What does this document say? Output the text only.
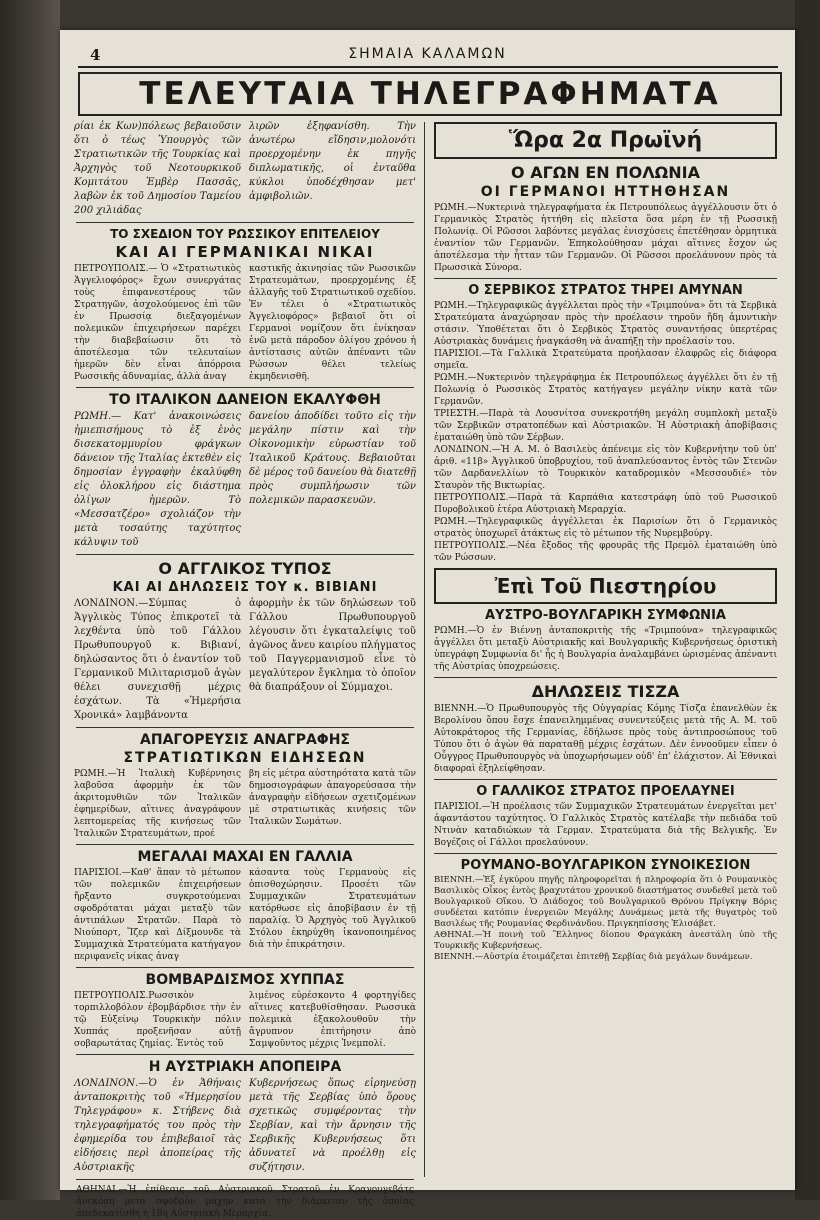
4	ΣΗΜΑΙΑ ΚΑΛΑΜΩΝ
ΤΕΛΕΥΤΑΙΑ ΤΗΛΕΓΡΑΦΗΜΑΤΑ

ρίαι ἐκ Κων)πόλεως βεβαιοῦσιν ὅτι ὁ τέως Ὑπουργὸς τῶν Στρατιωτικῶν τῆς Τουρκίας καὶ Ἀρχηγὸς τοῦ Νεοτουρκικοῦ Κομιτάτου Ἐμβὲρ Πασσᾶς, λαβὼν ἐκ τοῦ Δημοσίου Ταμείου 200 χιλιάδας

λιρῶν ἐξηφανίσθη. Τὴν ἀνωτέρω εἴδησιν,μολονότι προερχομένην ἐκ πηγῆς διπλωματικῆς, οἱ ἐνταῦθα κύκλοι ὑποδέχθησαν μετ' ἀμφιβολιῶν.

ΤΟ ΣΧΕΔΙΟΝ ΤΟΥ ΡΩΣΣΙΚΟΥ ΕΠΙΤΕΛΕΙΟΥ
ΚΑΙ ΑΙ ΓΕΡΜΑΝΙΚΑΙ ΝΙΚΑΙ

ΠΕΤΡΟΥΠΟΛΙΣ.— Ὁ «Στρατιωτικὸς Ἀγγελιοφόρος» ἔχων συνεργάτας τοὺς ἐπιφανεστέρους τῶν Στρατηγῶν, ἀσχολούμενος ἐπὶ τῶν ἐν Πρωσσίᾳ διεξαγομένων πολεμικῶν ἐπιχειρήσεων παρέχει τὴν διαβεβαίωσιν ὅτι τὸ ἀποτέλεσμα τῶν τελευταίων ἡμερῶν δὲν εἶναι ἀπόρροια Ρωσσικῆς ἀδυναμίας, ἀλλὰ ἀναγ

καστικῆς ἀκινησίας τῶν Ρωσσικῶν Στρατευμάτων, προερχομένης ἐξ ἀλλαγῆς τοῦ Στρατιωτικοῦ σχεδίου. Ἐν τέλει ὁ «Στρατιωτικὸς Ἀγγελιοφόρος» βεβαιοῖ ὅτι οἱ Γερμανοὶ νομίζουν ὅτι ἐνίκησαν ἐνῶ μετὰ πάροδον ὀλίγου χρόνου ἡ ἀντίστασις αὐτῶν ἀπέναντι τῶν Ρώσσων θέλει τελείως ἐκμηδενισθῆ.

ΤΟ ΙΤΑΛΙΚΟΝ ΔΑΝΕΙΟΝ ΕΚΑΛΥΦΘΗ

ΡΩΜΗ.— Κατ' ἀνακοινώσεις ἡμιεπισήμους τὸ ἐξ ἑνὸς δισεκατομμυρίου φράγκων δάνειον τῆς Ἰταλίας ἐκτεθὲν εἰς δημοσίαν ἐγγραφὴν ἐκαλύφθη εἰς ὁλοκλήρου εἰς διάστημα ὀλίγων ἡμερῶν. Τὸ «Μεσσατζέρο» σχολιάζον τὴν μετὰ τοσαύτης ταχύτητος κάλυψιν τοῦ

δανείου ἀποδίδει τοῦτο εἰς τὴν μεγάλην πίστιν καὶ τὴν Οἰκονομικὴν εὐρωστίαν τοῦ Ἰταλικοῦ Κράτους. Βεβαιοῦται δὲ μέρος τοῦ δανείου θὰ διατεθῇ πρὸς συμπλήρωσιν τῶν πολεμικῶν παρασκευῶν.

Ο ΑΓΓΛΙΚΟΣ ΤΥΠΟΣ
ΚΑΙ ΑΙ ΔΗΛΩΣΕΙΣ ΤΟΥ κ. ΒΙΒΙΑΝΙ

ΛΟΝΔΙΝΟΝ.—Σύμπας ὁ Ἀγγλικὸς Τύπος ἐπικροτεῖ τὰ λεχθέντα ὑπὸ τοῦ Γάλλου Πρωθυπουργοῦ κ. Βιβιανί, δηλώσαντος ὅτι ὁ ἐναντίον τοῦ Γερμανικοῦ Μιλιταρισμοῦ ἀγὼν θέλει συνεχισθῇ μέχρις ἐσχάτων. Τὰ «Ἡμερήσια Χρονικά» λαμβάνοντα

ἀφορμὴν ἐκ τῶν δηλώσεων τοῦ Γάλλου Πρωθυπουργοῦ λέγουσιν ὅτι ἐγκαταλείψις τοῦ ἀγῶνος ἄνευ καιρίου πλήγματος τοῦ Παγγερμανισμοῦ εἶνε τὸ μεγαλύτερον ἔγκλημα τὸ ὁποῖον θὰ διαπράξουν οἱ Σύμμαχοι.

ΑΠΑΓΟΡΕΥΣΙΣ ΑΝΑΓΡΑΦΗΣ
ΣΤΡΑΤΙΩΤΙΚΩΝ ΕΙΔΗΣΕΩΝ

ΡΩΜΗ.—Ἡ Ἰταλικὴ Κυβέρνησις λαβοῦσα ἀφορμὴν ἐκ τῶν ἀκριτομυθιῶν τῶν Ἰταλικῶν ἐφημερίδων, αἵτινες ἀναγράφουν λεπτομερείας τῆς κινήσεως τῶν Ἰταλικῶν Στρατευμάτων, προέ

βη εἰς μέτρα αὐστηρότατα κατὰ τῶν δημοσιογράφων ἀπαγορεύσασα τὴν ἀναγραφὴν εἰδήσεων σχετιζομένων μὲ στρατιωτικὰς κινήσεις τῶν Ἰταλικῶν Σωμάτων.

ΜΕΓΑΛΑΙ ΜΑΧΑΙ ΕΝ ΓΑΛΛΙΑ

ΠΑΡΙΣΙΟΙ.—Καθ' ἅπαν τὸ μέτωπον τῶν πολεμικῶν ἐπιχειρήσεων ἤρξαντο συγκροτούμεναι σφοδρόταται μάχαι μεταξὺ τῶν ἀντιπάλων Στρατῶν. Παρὰ τὸ Νιούπορτ, Ἴζερ καὶ Δίξμουνδε τὰ Συμμαχικὰ Στρατεύματα κατήγαγον περιφανεῖς νίκας ἀναγ

κάσαντα τοὺς Γερμανοὺς εἰς ὀπισθοχώρησιν. Προσέτι τῶν Συμμαχικῶν Στρατευμάτων κατόρθωσε εἰς ἀποβίβασιν ἐν τῇ παραλίᾳ. Ὁ Ἀρχηγὸς τοῦ Ἀγγλικοῦ Στόλου ἐκηρύχθη ἱκανοποιημένος διὰ τὴν ἐπικράτησιν.

ΒΟΜΒΑΡΔΙΣΜΟΣ ΧΥΠΠΑΣ

ΠΕΤΡΟΥΠΟΛΙΣ.Ρωσσικὸν τορπιλλοβόλον ἐβομβάρδισε τὴν ἐν τῷ Εὐξείνῳ Τουρκικὴν πόλιν Χυππάς προξενῆσαν αὐτῇ σοβαρωτάτας ζημίας. Ἐντὸς τοῦ

λιμένος εὑρέσκοντο 4 φορτηγίδες αἵτινες κατεβυθίσθησαν. Ρωσσικὰ πολεμικὰ ἐξακολουθοῦν τὴν ἄγρυπνον ἐπιτήρησιν ἀπὸ Σαμψοῦντος μέχρις Ἰνεμπολί.

Η ΑΥΣΤΡΙΑΚΗ ΑΠΟΠΕΙΡΑ

ΛΟΝΔΙΝΟΝ.—Ὁ ἐν Ἀθήναις ἀνταποκριτὴς τοῦ «Ἡμερησίου Τηλεγράφου» κ. Στήβενς διὰ τηλεγραφήματός του πρὸς τὴν ἐφημερίδα του ἐπιβεβαιοῖ τὰς εἰδήσεις περὶ ἀποπείρας τῆς Αὐστριακῆς

Κυβερνήσεως ὅπως εἰρηνεύσῃ μετὰ τῆς Σερβίας ὑπὸ ὅρους σχετικῶς συμφέροντας τὴν Σερβίαν, καὶ τὴν ἄρνησιν τῆς Σερβικῆς Κυβερνήσεως ὅτι ἀδυνατεῖ νὰ προέλθῃ εἰς συζήτησιν.

ΑΘΗΝΑΙ.—Ἡ ἐπίθεσις τοῦ Αὐστριακοῦ Στρατοῦ ἐν Κραγουγεβάτς ἀνεκόπη μετὰ σφοδρὸν μάχην κατὰ τὴν διάρκειαν τῆς ὁποίας ἀπεδεκατίσθη ἡ 18η Αὐστριακὴ Μεραρχία.

Ὥρα 2α Πρωϊνή
Ο ΑΓΩΝ ΕΝ ΠΟΛΩΝΙΑ
ΟΙ ΓΕΡΜΑΝΟΙ ΗΤΤΗΘΗΣΑΝ

ΡΩΜΗ.—Νυκτερινὰ τηλεγραφήματα ἐκ Πετρουπόλεως ἀγγέλλουσιν ὅτι ὁ Γερμανικὸς Στρατὸς ἡττήθη εἰς πλεῖστα ὅσα μέρη ἐν τῇ Ρωσσικῇ Πολωνίᾳ. Οἱ Ρῶσσοι λαβόντες μεγάλας ἐνισχύσεις ἐπετέθησαν ὁρμητικὰ ἐναντίον τῶν Γερμανῶν. Ἐπηκολούθησαν μάχαι αἵτινες ἔσχον ὡς ἀποτέλεσμα τὴν ἧτταν τῶν Γερμανῶν. Οἱ Ρῶσσοι προελάυνουν πρὸς τὰ Πρωσσικὰ Σύνορα.

Ο ΣΕΡΒΙΚΟΣ ΣΤΡΑΤΟΣ ΤΗΡΕΙ ΑΜΥΝΑΝ

ΡΩΜΗ.—Τηλεγραφικῶς ἀγγέλλεται πρὸς τὴν «Τριμπούνα» ὅτι τὰ Σερβικὰ Στρατεύματα ἀναχώρησαν πρὸς τὴν προέλασιν τηροῦν ἤδη ἀμυντικὴν στάσιν. Ὑποθέτεται ὅτι ὁ Σερβικὸς Στρατὸς συναντήσας ὑπερτέρας Αὐστριακὰς δυνάμεις ἠναγκάσθη νὰ ἀναπήξῃ τὴν προέλασίν του.

ΠΑΡΙΣΙΟΙ.—Τὰ Γαλλικὰ Στρατεύματα προήλασαν ἐλαφρῶς εἰς διάφορα σημεῖα.

ΡΩΜΗ.—Νυκτερινὸν τηλεγράφημα ἐκ Πετρουπόλεως ἀγγέλλει ὅτι ἐν τῇ Πολωνίᾳ ὁ Ρωσσικὸς Στρατὸς κατήγαγεν μεγάλην νίκην κατὰ τῶν Γερμανῶν.

ΤΡΙΕΣΤΗ.—Παρὰ τὰ Λουσνίτσα συνεκροτήθη μεγάλη συμπλοκὴ μεταξὺ τῶν Σερβικῶν στρατοπέδων καὶ Αὐστριακῶν. Ἡ Αὐστριακὴ ἀποβίβασις ἐματαιώθη ὑπὸ τῶν Σέρβων.

ΛΟΝΔΙΝΟΝ.—Ἡ Α. Μ. ὁ Βασιλεὺς ἀπένειμε εἰς τὸν Κυβερνήτην τοῦ ὑπ' ἀριθ. «11β» Ἀγγλικοῦ ὑποβρυχίου, τοῦ ἀναπλεύσαντος ἐντὸς τῶν Στενῶν τῶν Δαρδανελλίων τὸ Τουρκικὸν καταδρομικὸν «Μεσσουδιέ» τὸν Σταυρὸν τῆς Βικτωρίας.

ΠΕΤΡΟΥΠΟΛΙΣ.—Παρὰ τὰ Καρπάθια κατεστράφη ὑπὸ τοῦ Ρωσσικοῦ Πυροβολικοῦ ἑτέρα Αὐστριακὴ Μεραρχία.

ΡΩΜΗ.—Τηλεγραφικῶς ἀγγέλλεται ἐκ Παρισίων ὅτι ὁ Γερμανικὸς στρατὸς ὑποχωρεῖ ἀτάκτως εἰς τὸ μέτωπον τῆς Νυρεμβούργ.

ΠΕΤΡΟΥΠΟΛΙΣ.—Νέα ἔξοδος τῆς φρουρᾶς τῆς Πρεμὸλ ἐματαιώθη ὑπὸ τῶν Ρώσσων.

Ἐπὶ Τοῦ Πιεστηρίου
ΑΥΣΤΡΟ-ΒΟΥΛΓΑΡΙΚΗ ΣΥΜΦΩΝΙΑ

ΡΩΜΗ.—Ὁ ἐν Βιέννῃ ἀνταποκριτὴς τῆς «Τριμπούνα» τηλεγραφικῶς ἀγγέλλει ὅτι μεταξὺ Αὐστριακῆς καὶ Βουλγαρικῆς Κυβερνήσεως ὁριστικὴ ὑπεγράφη Συμφωνία δι' ἧς ἡ Βουλγαρία ἀναλαμβάνει ὡρισμένας ἀπέναντι τῆς Αὐστρίας ὑποχρεώσεις.

ΔΗΛΩΣΕΙΣ ΤΙΣΖΑ

ΒΙΕΝΝΗ.—Ὁ Πρωθυπουργὸς τῆς Οὐγγαρίας Κόμης Τίσζα ἐπανελθὼν ἐκ Βερολίνου ὅπου ἔσχε ἐπανειλημμένας συνεντεύξεις μετὰ τῆς Α. Μ. τοῦ Αὐτοκράτορος τῆς Γερμανίας, ἐδήλωσε πρὸς τοὺς ἀντιπροσώπους τοῦ Τύπου ὅτι ὁ ἀγὼν θὰ παραταθῇ μέχρις ἐσχάτων. Δὲν ἐννοοῦμεν εἶπεν ὁ Οὖγγρος Πρωθυπουργὸς νὰ ὑποχωρήσωμεν οὐδ' ἐπ' ἐλάχιστον. Αἱ Ἑθνικαὶ διαφοραὶ ἐξηλείφθησαν.

Ο ΓΑΛΛΙΚΟΣ ΣΤΡΑΤΟΣ ΠΡΟΕΛΑΥΝΕΙ

ΠΑΡΙΣΙΟΙ.—Ἡ προέλασις τῶν Συμμαχικῶν Στρατευμάτων ἐνεργεῖται μετ' ἀφαντάστου ταχύτητος. Ὁ Γαλλικὸς Στρατὸς κατέλαβε τὴν πεδιάδα τοῦ Ντινὰν καταδιώκων τὰ Γερμαν. Στρατεύματα διὰ τῆς Βελγικῆς. Ἐν Βογέζοις οἱ Γάλλοι προελαύνουν.

ΡΟΥΜΑΝΟ-ΒΟΥΛΓΑΡΙΚΟΝ ΣΥΝΟΙΚΕΣΙΟΝ

ΒΙΕΝΝΗ.—Ἐξ ἐγκύρου πηγῆς πληροφορεῖται ἡ πληροφορία ὅτι ὁ Ρουμανικὸς Βασιλικὸς Οἶκος ἐντὸς βραχυτάτου χρονικοῦ διαστήματος συνδεθεῖ μετὰ τοῦ Βουλγαρικοῦ Οἴκου. Ὁ Διάδοχος τοῦ Βουλγαρικοῦ Θρόνου Πρίγκηψ Βόρις συνδέεται κατόπιν ἐνεργειῶν Μεγάλης Δυνάμεως μετὰ τῆς θυγατρὸς τοῦ Βασιλέως τῆς Ρουμανίας Φερδινάνδου. Πριγκηπίσσης Ἐλισάβετ.

ΑΘΗΝΑΙ.—Ἡ ποινὴ τοῦ Ἕλληνος δίοπου Φραγκάκη ἀνεστάλη ὑπὸ τῆς Τουρκικῆς Κυβερνήσεως.

ΒΙΕΝΝΗ.—Αὐστρία ἑτοιμάζεται ἐπιτεθῇ Σερβίας διὰ μεγάλων δυνάμεων.
